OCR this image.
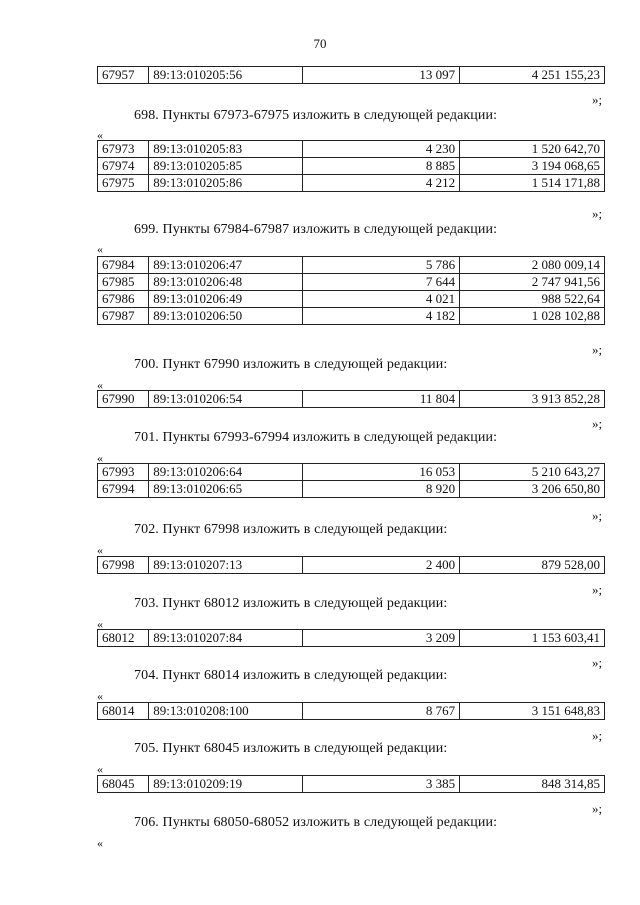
70
67957	89:13:010205:56	13 097	4 251 155,23
»;
698. Пункты 67973-67975 изложить в следующей редакции:
«
67973	89:13:010205:83	4 230	1 520 642,70
67974	89:13:010205:85	8 885	3 194 068,65
67975	89:13:010205:86	4 212	1 514 171,88
»;
699. Пункты 67984-67987 изложить в следующей редакции:
«
67984	89:13:010206:47	5 786	2 080 009,14
67985	89:13:010206:48	7 644	2 747 941,56
67986	89:13:010206:49	4 021	988 522,64
67987	89:13:010206:50	4 182	1 028 102,88
»;
700. Пункт 67990 изложить в следующей редакции:
«
67990	89:13:010206:54	11 804	3 913 852,28
»;
701. Пункты 67993-67994 изложить в следующей редакции:
«
67993	89:13:010206:64	16 053	5 210 643,27
67994	89:13:010206:65	8 920	3 206 650,80
»;
702. Пункт 67998 изложить в следующей редакции:
«
67998	89:13:010207:13	2 400	879 528,00
»;
703. Пункт 68012 изложить в следующей редакции:
«
68012	89:13:010207:84	3 209	1 153 603,41
»;
704. Пункт 68014 изложить в следующей редакции:
«
68014	89:13:010208:100	8 767	3 151 648,83
»;
705. Пункт 68045 изложить в следующей редакции:
«
68045	89:13:010209:19	3 385	848 314,85
»;
706. Пункты 68050-68052 изложить в следующей редакции:
«
